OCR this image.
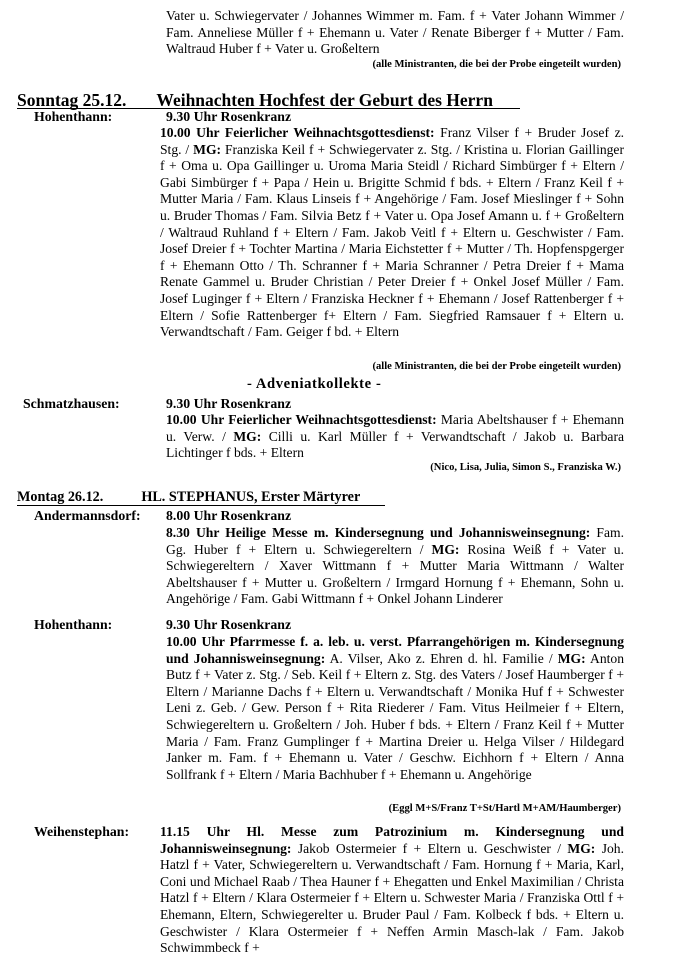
Vater u. Schwiegervater / Johannes Wimmer m. Fam. f + Vater Johann Wimmer / Fam. Anneliese Müller f + Ehemann u. Vater / Renate Biberger f + Mutter / Fam. Waltraud Huber f + Vater u. Großeltern
(alle Ministranten, die bei der Probe eingeteilt wurden)
Sonntag 25.12. Weihnachten Hochfest der Geburt des Herrn
Hohenthann:	9.30 Uhr Rosenkranz
10.00 Uhr Feierlicher Weihnachtsgottesdienst: Franz Vilser f + Bruder Josef z. Stg. / MG: Franziska Keil f + Schwiegervater z. Stg. / Kristina u. Florian Gaillinger f + Oma u. Opa Gaillinger u. Uroma Maria Steidl / Richard Simbürger f + Eltern / Gabi Simbürger f + Papa / Hein u. Brigitte Schmid f bds. + Eltern / Franz Keil f + Mutter Maria / Fam. Klaus Linseis f + Angehörige / Fam. Josef Mieslinger f + Sohn u. Bruder Thomas / Fam. Silvia Betz f + Vater u. Opa Josef Amann u. f + Großeltern / Waltraud Ruhland f + Eltern / Fam. Jakob Veitl f + Eltern u. Geschwister / Fam. Josef Dreier f + Tochter Martina / Maria Eichstetter f + Mutter / Th. Hopfenspgerger f + Ehemann Otto / Th. Schranner f + Maria Schranner / Petra Dreier f + Mama Renate Gammel u. Bruder Christian / Peter Dreier f + Onkel Josef Müller / Fam. Josef Luginger f + Eltern / Franziska Heckner f + Ehemann / Josef Rattenberger f + Eltern / Sofie Rattenberger f+ Eltern / Fam. Siegfried Ramsauer f + Eltern u. Verwandtschaft / Fam. Geiger f bd. + Eltern
(alle Ministranten, die bei der Probe eingeteilt wurden)
- Adveniatkollekte -
Schmatzhausen:	9.30 Uhr Rosenkranz
10.00 Uhr Feierlicher Weihnachtsgottesdienst: Maria Abeltshauser f + Ehemann u. Verw. / MG: Cilli u. Karl Müller f + Verwandtschaft / Jakob u. Barbara Lichtinger f bds. + Eltern
(Nico, Lisa, Julia, Simon S., Franziska W.)
Montag 26.12.	HL. STEPHANUS, Erster Märtyrer
Andermannsdorf: 8.00 Uhr Rosenkranz
8.30 Uhr Heilige Messe m. Kindersegnung und Johannisweinsegnung: Fam. Gg. Huber f + Eltern u. Schwiegereltern / MG: Rosina Weiß f + Vater u. Schwiegereltern / Xaver Wittmann f + Mutter Maria Wittmann / Walter Abeltshauser f + Mutter u. Großeltern / Irmgard Hornung f + Ehemann, Sohn u. Angehörige / Fam. Gabi Wittmann f + Onkel Johann Linderer
Hohenthann:	9.30 Uhr Rosenkranz
10.00 Uhr Pfarrmesse f. a. leb. u. verst. Pfarrangehörigen m. Kindersegnung und Johannisweinsegnung: A. Vilser, Ako z. Ehren d. hl. Familie / MG: Anton Butz f + Vater z. Stg. / Seb. Keil f + Eltern z. Stg. des Vaters / Josef Haumberger f + Eltern / Marianne Dachs f + Eltern u. Verwandtschaft / Monika Huf f + Schwester Leni z. Geb. / Gew. Person f + Rita Riederer / Fam. Vitus Heilmeier f + Eltern, Schwiegereltern u. Großeltern / Joh. Huber f bds. + Eltern / Franz Keil f + Mutter Maria / Fam. Franz Gumplinger f + Martina Dreier u. Helga Vilser / Hildegard Janker m. Fam. f + Ehemann u. Vater / Geschw. Eichhorn f + Eltern / Anna Sollfrank f + Eltern / Maria Bachhuber f + Ehemann u. Angehörige
(Eggl M+S/Franz T+St/Hartl M+AM/Haumberger)
Weihenstephan: 11.15 Uhr Hl. Messe zum Patrozinium m. Kindersegnung und Johannisweinsegnung: Jakob Ostermeier f + Eltern u. Geschwister / MG: Joh. Hatzl f + Vater, Schwiegereltern u. Verwandtschaft / Fam. Hornung f + Maria, Karl, Coni und Michael Raab / Thea Hauner f + Ehegatten und Enkel Maximilian / Christa Hatzl f + Eltern / Klara Ostermeier f + Eltern u. Schwester Maria / Franziska Ottl f + Ehemann, Eltern, Schwiegerelter u. Bruder Paul / Fam. Kolbeck f bds. + Eltern u. Geschwister / Klara Ostermeier f + Neffen Armin Masch-lak / Fam. Jakob Schwimmbeck f +
